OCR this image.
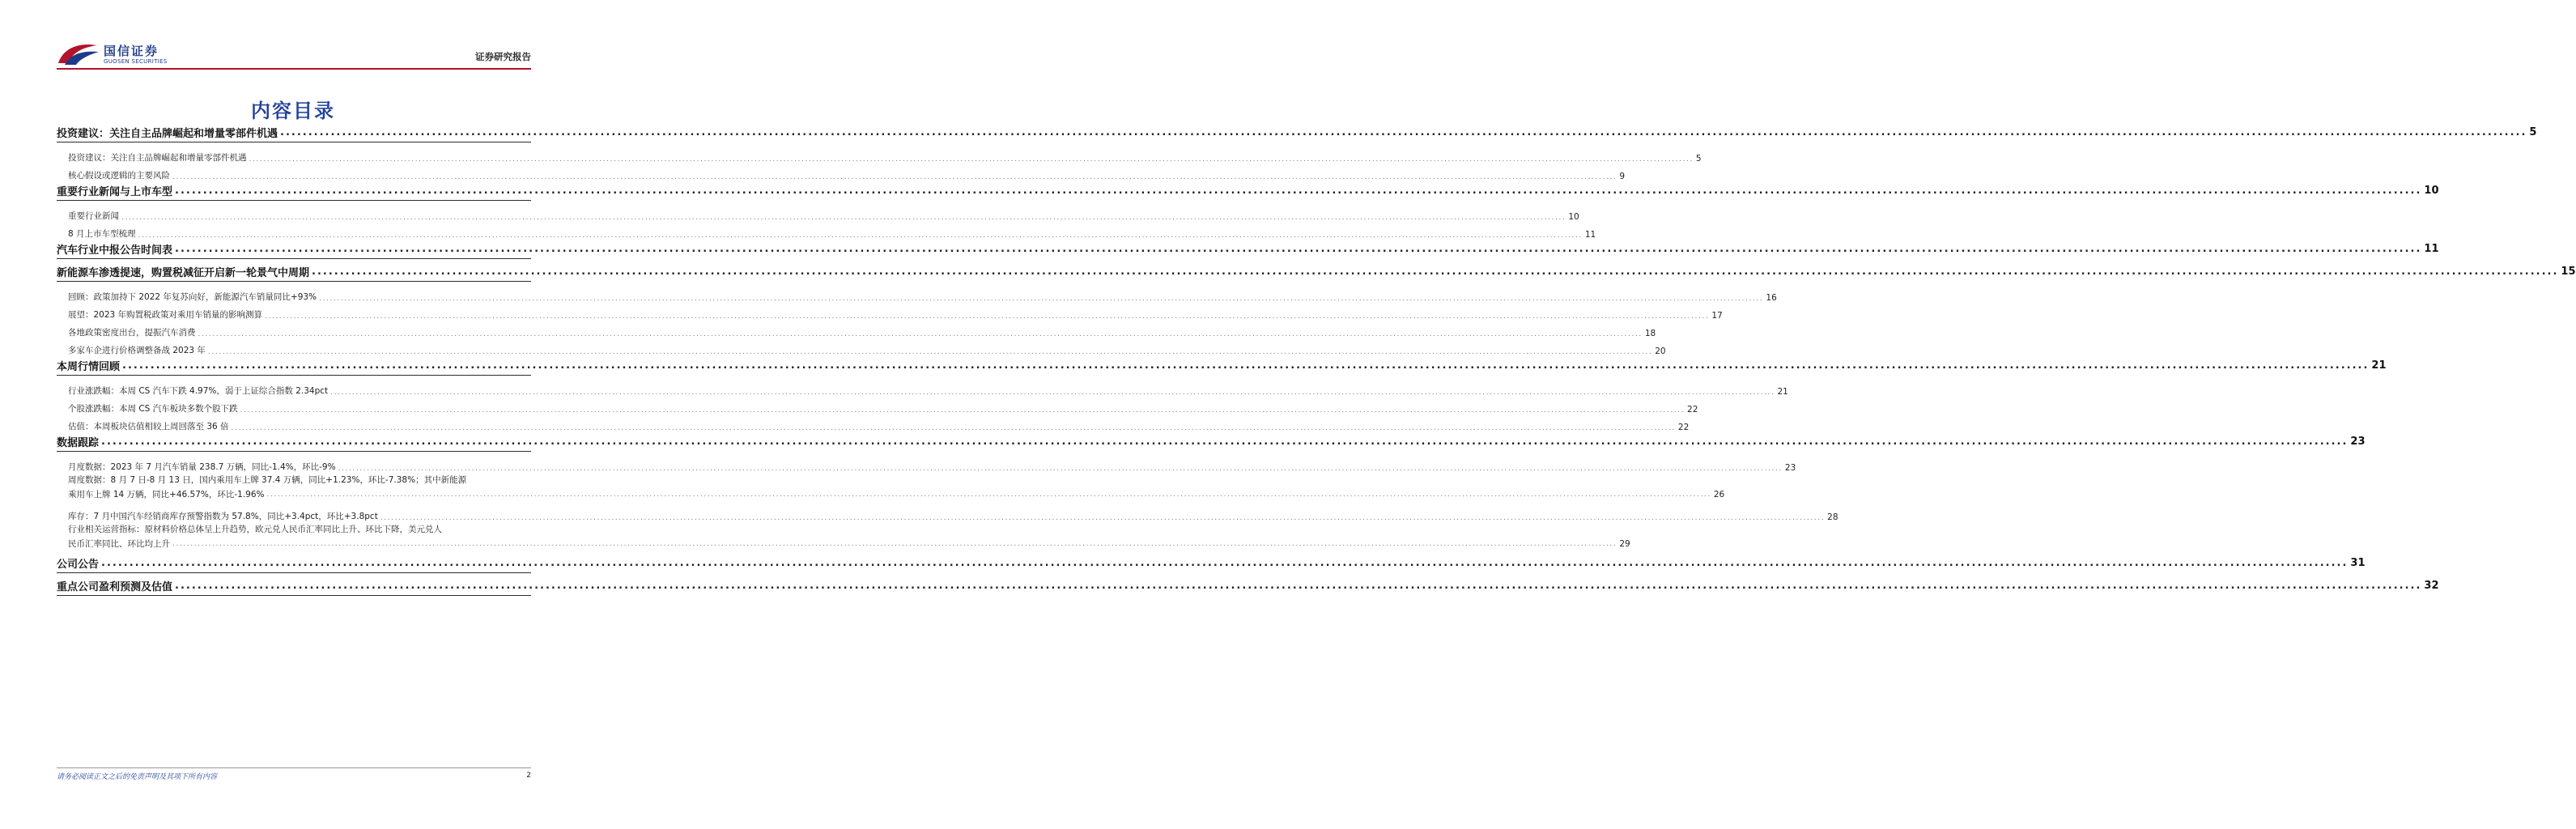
国信证券
GUOSEN SECURITIES	证券研究报告
内容目录
投资建议：关注自主品牌崛起和增量零部件机遇 ................................................................................................................................................................................................................................................................................................................................................................................................................ 5
投资建议：关注自主品牌崛起和增量零部件机遇 ................................................................................................................................................................................................................................................................................................................................................................................................................ 5
核心假设或逻辑的主要风险 ................................................................................................................................................................................................................................................................................................................................................................................................................ 9
重要行业新闻与上市车型 ................................................................................................................................................................................................................................................................................................................................................................................................................ 10
重要行业新闻 ................................................................................................................................................................................................................................................................................................................................................................................................................ 10
8 月上市车型梳理 ................................................................................................................................................................................................................................................................................................................................................................................................................ 11
汽车行业中报公告时间表 ................................................................................................................................................................................................................................................................................................................................................................................................................ 11
新能源车渗透提速，购置税减征开启新一轮景气中周期 ................................................................................................................................................................................................................................................................................................................................................................................................................ 15
回顾：政策加持下 2022 年复苏向好，新能源汽车销量同比+93% ................................................................................................................................................................................................................................................................................................................................................................................................................ 16
展望：2023 年购置税政策对乘用车销量的影响测算 ................................................................................................................................................................................................................................................................................................................................................................................................................ 17
各地政策密度出台，提振汽车消费 ................................................................................................................................................................................................................................................................................................................................................................................................................ 18
多家车企进行价格调整备战 2023 年 ................................................................................................................................................................................................................................................................................................................................................................................................................ 20
本周行情回顾 ................................................................................................................................................................................................................................................................................................................................................................................................................ 21
行业涨跌幅：本周 CS 汽车下跌 4.97%，弱于上证综合指数 2.34pct ................................................................................................................................................................................................................................................................................................................................................................................................................ 21
个股涨跌幅：本周 CS 汽车板块多数个股下跌 ................................................................................................................................................................................................................................................................................................................................................................................................................ 22
估值：本周板块估值相较上周回落至 36 倍 ................................................................................................................................................................................................................................................................................................................................................................................................................ 22
数据跟踪 ................................................................................................................................................................................................................................................................................................................................................................................................................ 23
月度数据：2023 年 7 月汽车销量 238.7 万辆，同比-1.4%，环比-9% ................................................................................................................................................................................................................................................................................................................................................................................................................ 23
周度数据：8 月 7 日-8 月 13 日，国内乘用车上牌 37.4 万辆，同比+1.23%，环比-7.38%；其中新能源
乘用车上牌 14 万辆，同比+46.57%，环比-1.96% ................................................................................................................................................................................................................................................................................................................................................................................................................ 26
库存：7 月中国汽车经销商库存预警指数为 57.8%，同比+3.4pct，环比+3.8pct ................................................................................................................................................................................................................................................................................................................................................................................................................ 28
行业相关运营指标：原材料价格总体呈上升趋势，欧元兑人民币汇率同比上升、环比下降，美元兑人
民币汇率同比、环比均上升 ................................................................................................................................................................................................................................................................................................................................................................................................................ 29
公司公告 ................................................................................................................................................................................................................................................................................................................................................................................................................ 31
重点公司盈利预测及估值 ................................................................................................................................................................................................................................................................................................................................................................................................................ 32
请务必阅读正文之后的免责声明及其项下所有内容	2
